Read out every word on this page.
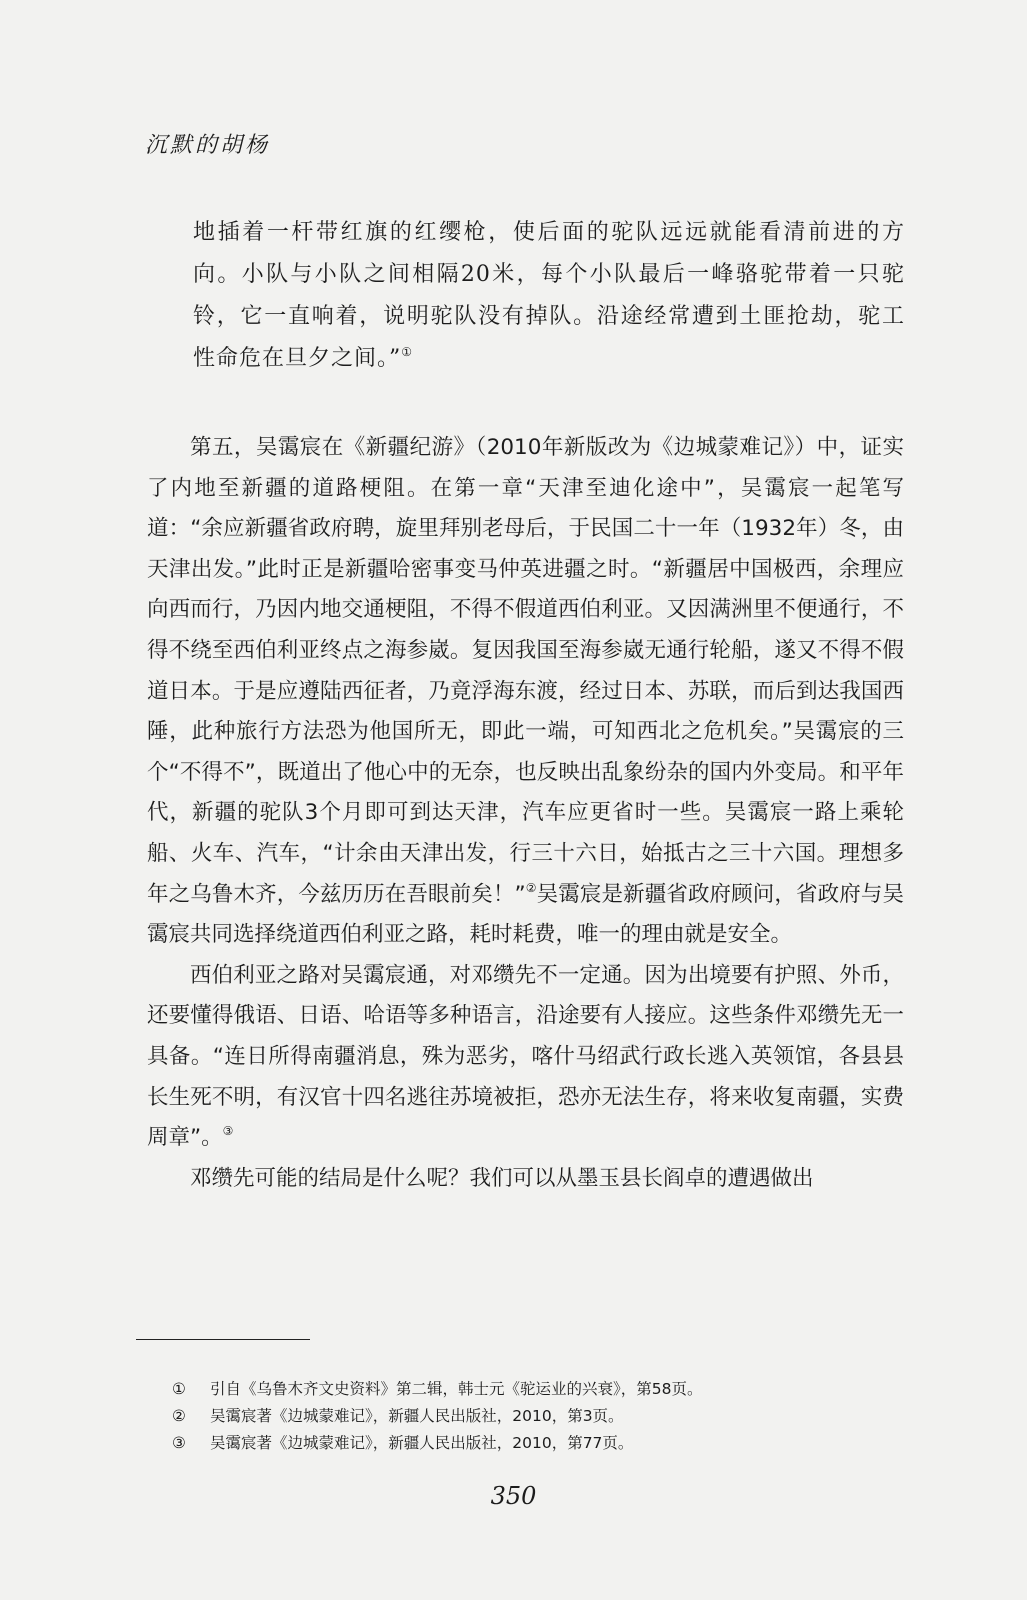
沉默的胡杨
地插着一杆带红旗的红缨枪，使后面的驼队远远就能看清前进的方向。小队与小队之间相隔20米，每个小队最后一峰骆驼带着一只驼铃，它一直响着，说明驼队没有掉队。沿途经常遭到土匪抢劫，驼工性命危在旦夕之间。”①

第五，吴霭宸在《新疆纪游》（2010年新版改为《边城蒙难记》）中，证实了内地至新疆的道路梗阻。在第一章“天津至迪化途中”，吴霭宸一起笔写道：“余应新疆省政府聘，旋里拜别老母后，于民国二十一年（1932年）冬，由天津出发。”此时正是新疆哈密事变马仲英进疆之时。“新疆居中国极西，余理应向西而行，乃因内地交通梗阻，不得不假道西伯利亚。又因满洲里不便通行，不得不绕至西伯利亚终点之海参崴。复因我国至海参崴无通行轮船，遂又不得不假道日本。于是应遵陆西征者，乃竟浮海东渡，经过日本、苏联，而后到达我国西陲，此种旅行方法恐为他国所无，即此一端，可知西北之危机矣。”吴霭宸的三个“不得不”，既道出了他心中的无奈，也反映出乱象纷杂的国内外变局。和平年代，新疆的驼队3个月即可到达天津，汽车应更省时一些。吴霭宸一路上乘轮船、火车、汽车，“计余由天津出发，行三十六日，始抵古之三十六国。理想多年之乌鲁木齐，今兹历历在吾眼前矣！”②吴霭宸是新疆省政府顾问，省政府与吴霭宸共同选择绕道西伯利亚之路，耗时耗费，唯一的理由就是安全。

西伯利亚之路对吴霭宸通，对邓缵先不一定通。因为出境要有护照、外币，还要懂得俄语、日语、哈语等多种语言，沿途要有人接应。这些条件邓缵先无一具备。“连日所得南疆消息，殊为恶劣，喀什马绍武行政长逃入英领馆，各县县长生死不明，有汉官十四名逃往苏境被拒，恐亦无法生存，将来收复南疆，实费周章”。③

邓缵先可能的结局是什么呢？我们可以从墨玉县长阎卓的遭遇做出

①	引自《乌鲁木齐文史资料》第二辑，韩士元《驼运业的兴衰》，第58页。
②	吴霭宸著《边城蒙难记》，新疆人民出版社，2010，第3页。
③	吴霭宸著《边城蒙难记》，新疆人民出版社，2010，第77页。
350
